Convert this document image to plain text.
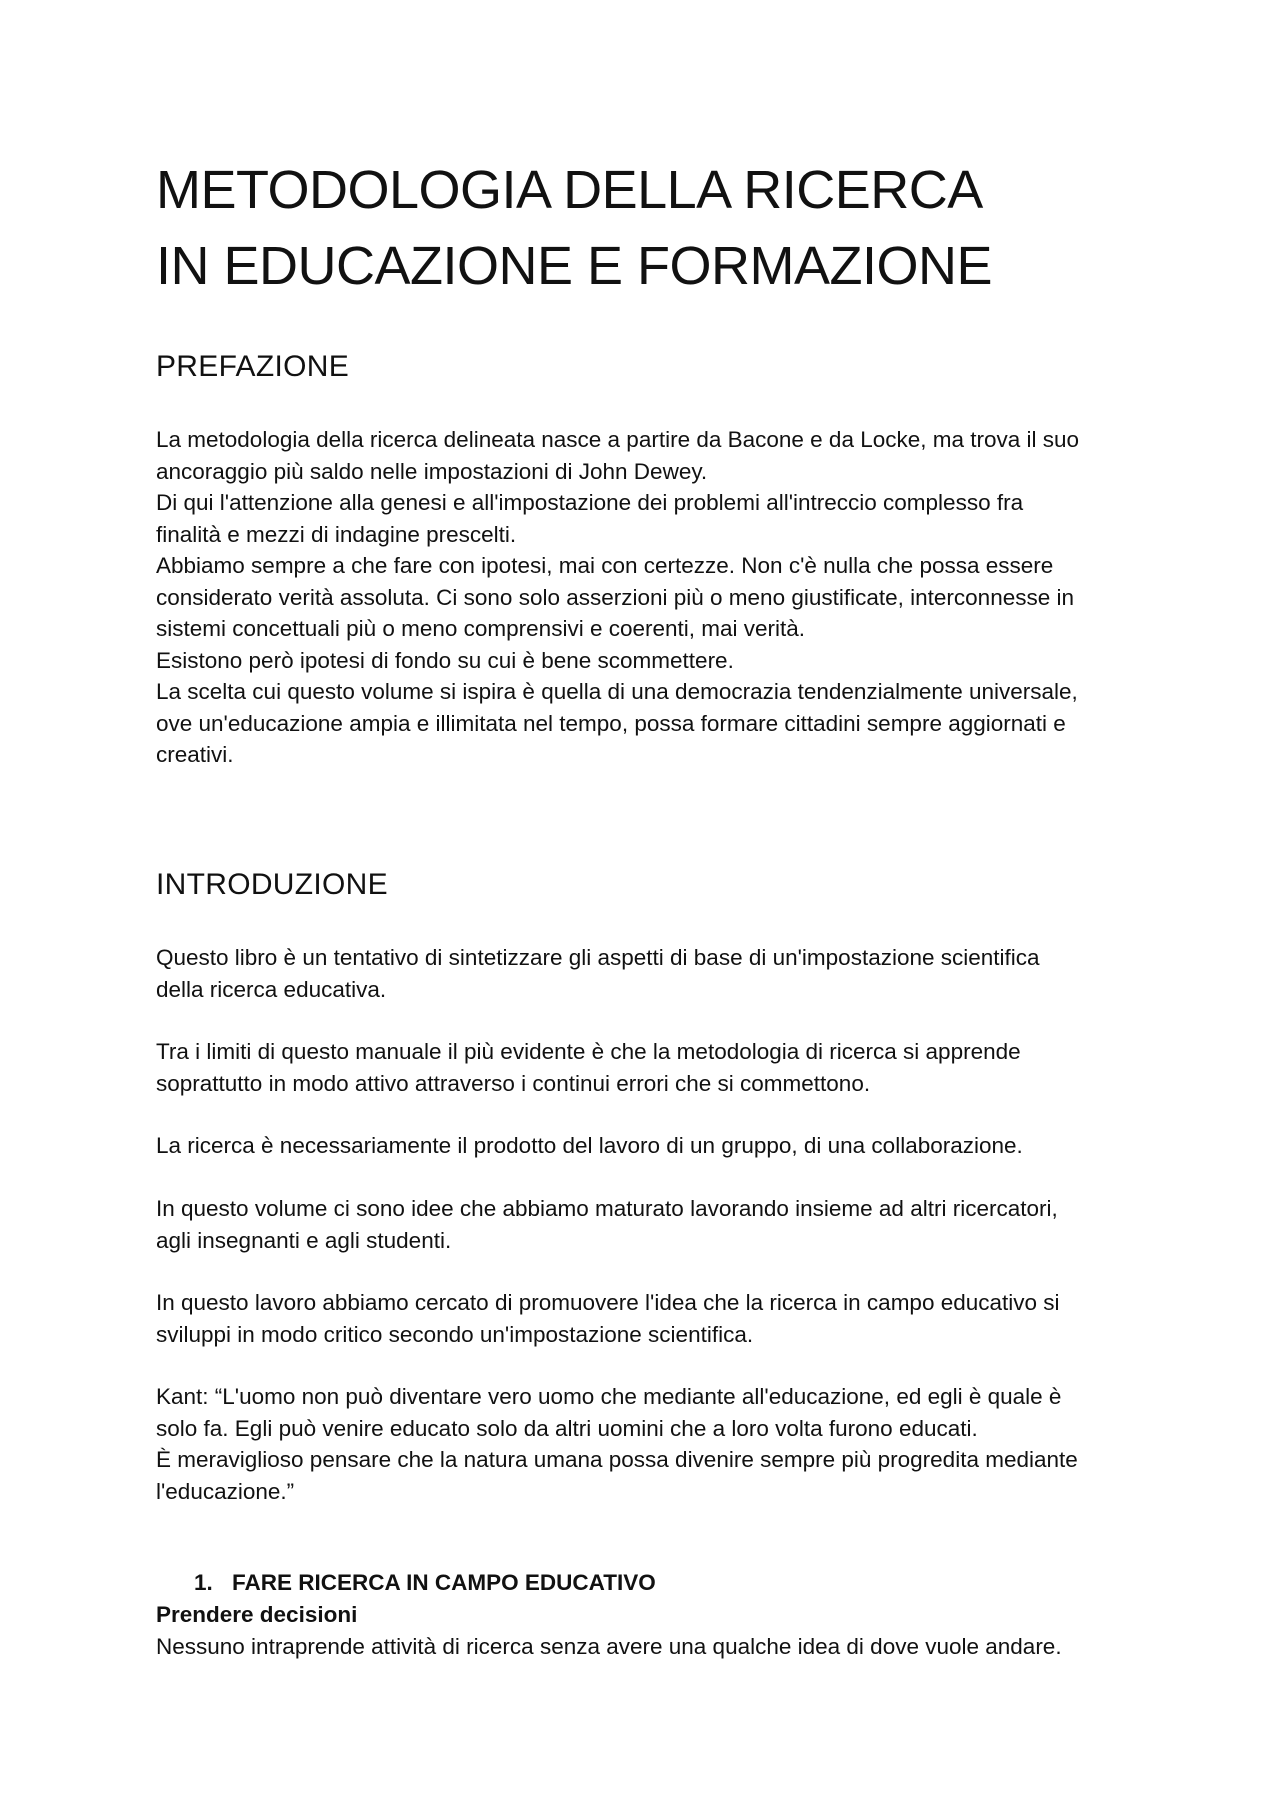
METODOLOGIA DELLA RICERCA
IN EDUCAZIONE E FORMAZIONE
PREFAZIONE
La metodologia della ricerca delineata nasce a partire da Bacone e da Locke, ma trova il suo
ancoraggio più saldo nelle impostazioni di John Dewey.
Di qui l'attenzione alla genesi e all'impostazione dei problemi all'intreccio complesso fra
finalità e mezzi di indagine prescelti.
Abbiamo sempre a che fare con ipotesi, mai con certezze. Non c'è nulla che possa essere
considerato verità assoluta. Ci sono solo asserzioni più o meno giustificate, interconnesse in
sistemi concettuali più o meno comprensivi e coerenti, mai verità.
Esistono però ipotesi di fondo su cui è bene scommettere.
La scelta cui questo volume si ispira è quella di una democrazia tendenzialmente universale,
ove un'educazione ampia e illimitata nel tempo, possa formare cittadini sempre aggiornati e
creativi.
INTRODUZIONE
Questo libro è un tentativo di sintetizzare gli aspetti di base di un'impostazione scientifica
della ricerca educativa.
Tra i limiti di questo manuale il più evidente è che la metodologia di ricerca si apprende
soprattutto in modo attivo attraverso i continui errori che si commettono.
La ricerca è necessariamente il prodotto del lavoro di un gruppo, di una collaborazione.
In questo volume ci sono idee che abbiamo maturato lavorando insieme ad altri ricercatori,
agli insegnanti e agli studenti.
In questo lavoro abbiamo cercato di promuovere l'idea che la ricerca in campo educativo si
sviluppi in modo critico secondo un'impostazione scientifica.
Kant: “L'uomo non può diventare vero uomo che mediante all'educazione, ed egli è quale è
solo fa. Egli può venire educato solo da altri uomini che a loro volta furono educati.
È meraviglioso pensare che la natura umana possa divenire sempre più progredita mediante
l'educazione.”
1. FARE RICERCA IN CAMPO EDUCATIVO
Prendere decisioni
Nessuno intraprende attività di ricerca senza avere una qualche idea di dove vuole andare.
